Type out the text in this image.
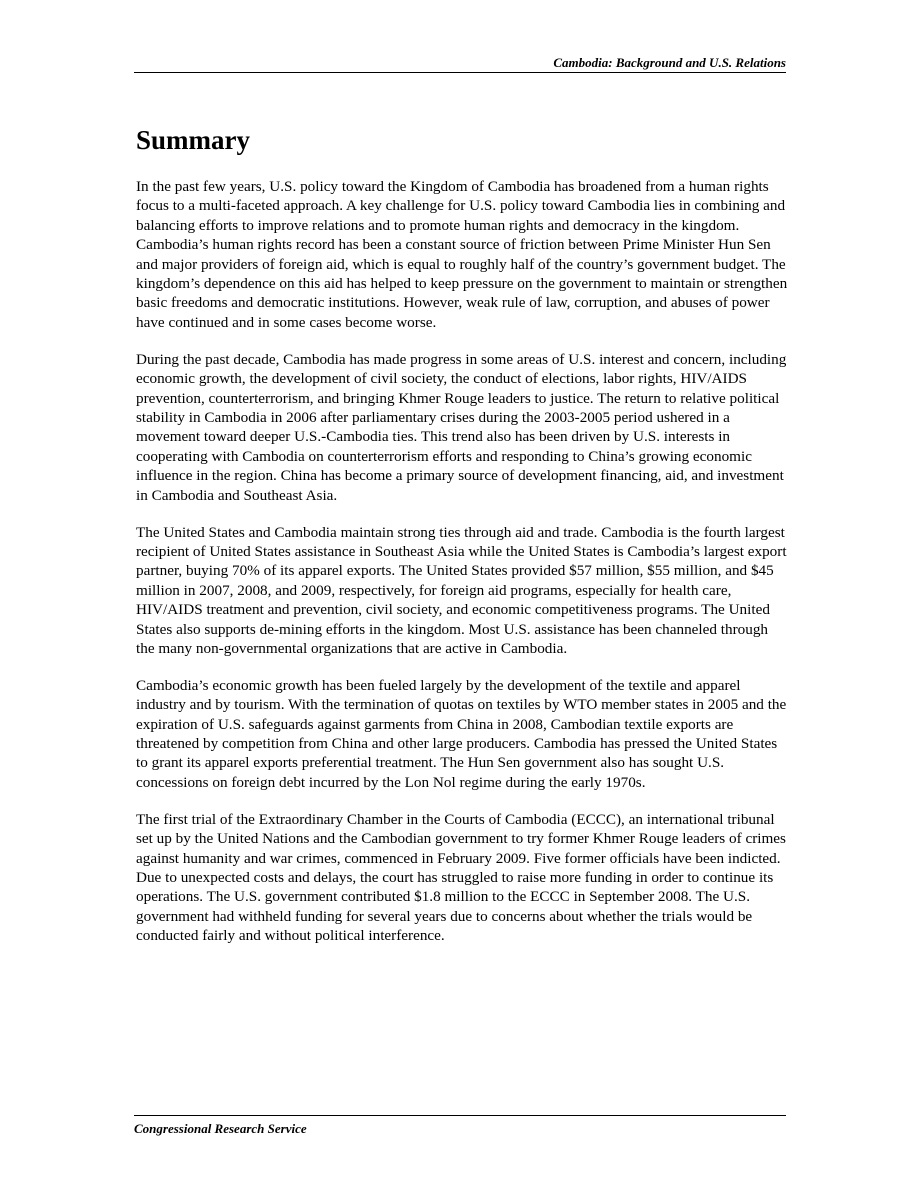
Cambodia: Background and U.S. Relations
Summary

In the past few years, U.S. policy toward the Kingdom of Cambodia has broadened from a human rights focus to a multi-faceted approach. A key challenge for U.S. policy toward Cambodia lies in combining and balancing efforts to improve relations and to promote human rights and democracy in the kingdom. Cambodia’s human rights record has been a constant source of friction between Prime Minister Hun Sen and major providers of foreign aid, which is equal to roughly half of the country’s government budget. The kingdom’s dependence on this aid has helped to keep pressure on the government to maintain or strengthen basic freedoms and democratic institutions. However, weak rule of law, corruption, and abuses of power have continued and in some cases become worse.

During the past decade, Cambodia has made progress in some areas of U.S. interest and concern, including economic growth, the development of civil society, the conduct of elections, labor rights, HIV/AIDS prevention, counterterrorism, and bringing Khmer Rouge leaders to justice. The return to relative political stability in Cambodia in 2006 after parliamentary crises during the 2003-2005 period ushered in a movement toward deeper U.S.-Cambodia ties. This trend also has been driven by U.S. interests in cooperating with Cambodia on counterterrorism efforts and responding to China’s growing economic influence in the region. China has become a primary source of development financing, aid, and investment in Cambodia and Southeast Asia.

The United States and Cambodia maintain strong ties through aid and trade. Cambodia is the fourth largest recipient of United States assistance in Southeast Asia while the United States is Cambodia’s largest export partner, buying 70% of its apparel exports. The United States provided $57 million, $55 million, and $45 million in 2007, 2008, and 2009, respectively, for foreign aid programs, especially for health care, HIV/AIDS treatment and prevention, civil society, and economic competitiveness programs. The United States also supports de-mining efforts in the kingdom. Most U.S. assistance has been channeled through the many non-governmental organizations that are active in Cambodia.

Cambodia’s economic growth has been fueled largely by the development of the textile and apparel industry and by tourism. With the termination of quotas on textiles by WTO member states in 2005 and the expiration of U.S. safeguards against garments from China in 2008, Cambodian textile exports are threatened by competition from China and other large producers. Cambodia has pressed the United States to grant its apparel exports preferential treatment. The Hun Sen government also has sought U.S. concessions on foreign debt incurred by the Lon Nol regime during the early 1970s.

The first trial of the Extraordinary Chamber in the Courts of Cambodia (ECCC), an international tribunal set up by the United Nations and the Cambodian government to try former Khmer Rouge leaders of crimes against humanity and war crimes, commenced in February 2009. Five former officials have been indicted. Due to unexpected costs and delays, the court has struggled to raise more funding in order to continue its operations. The U.S. government contributed $1.8 million to the ECCC in September 2008. The U.S. government had withheld funding for several years due to concerns about whether the trials would be conducted fairly and without political interference.

Congressional Research Service
